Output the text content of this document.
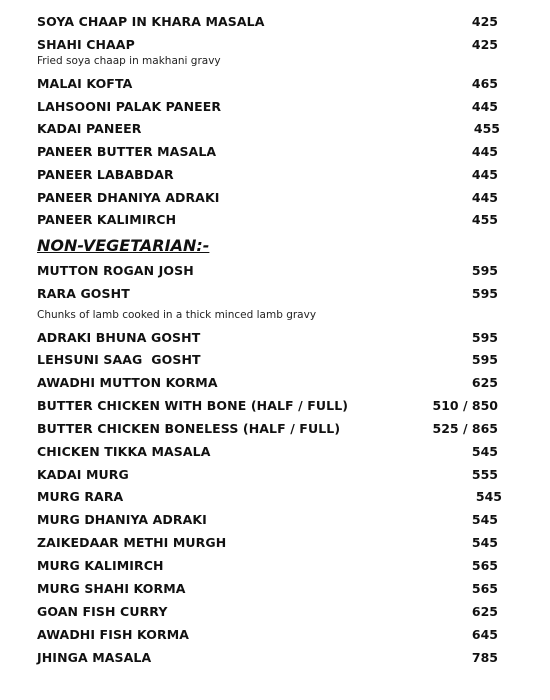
SOYA CHAAP IN KHARA MASALA	425
SHAHI CHAAP	425
Fried soya chaap in makhani gravy
MALAI KOFTA	465
LAHSOONI PALAK PANEER	445
KADAI PANEER	455
PANEER BUTTER MASALA	445
PANEER LABABDAR	445
PANEER DHANIYA ADRAKI	445
PANEER KALIMIRCH	455
NON-VEGETARIAN:-
MUTTON ROGAN JOSH	595
RARA GOSHT	595
Chunks of lamb cooked in a thick minced lamb gravy
ADRAKI BHUNA GOSHT	595
LEHSUNI SAAG  GOSHT	595
AWADHI MUTTON KORMA	625
BUTTER CHICKEN WITH BONE (HALF / FULL)	510 / 850
BUTTER CHICKEN BONELESS (HALF / FULL)	525 / 865
CHICKEN TIKKA MASALA	545
KADAI MURG	555
MURG RARA	545
MURG DHANIYA ADRAKI	545
ZAIKEDAAR METHI MURGH	545
MURG KALIMIRCH	565
MURG SHAHI KORMA	565
GOAN FISH CURRY	625
AWADHI FISH KORMA	645
JHINGA MASALA	785
